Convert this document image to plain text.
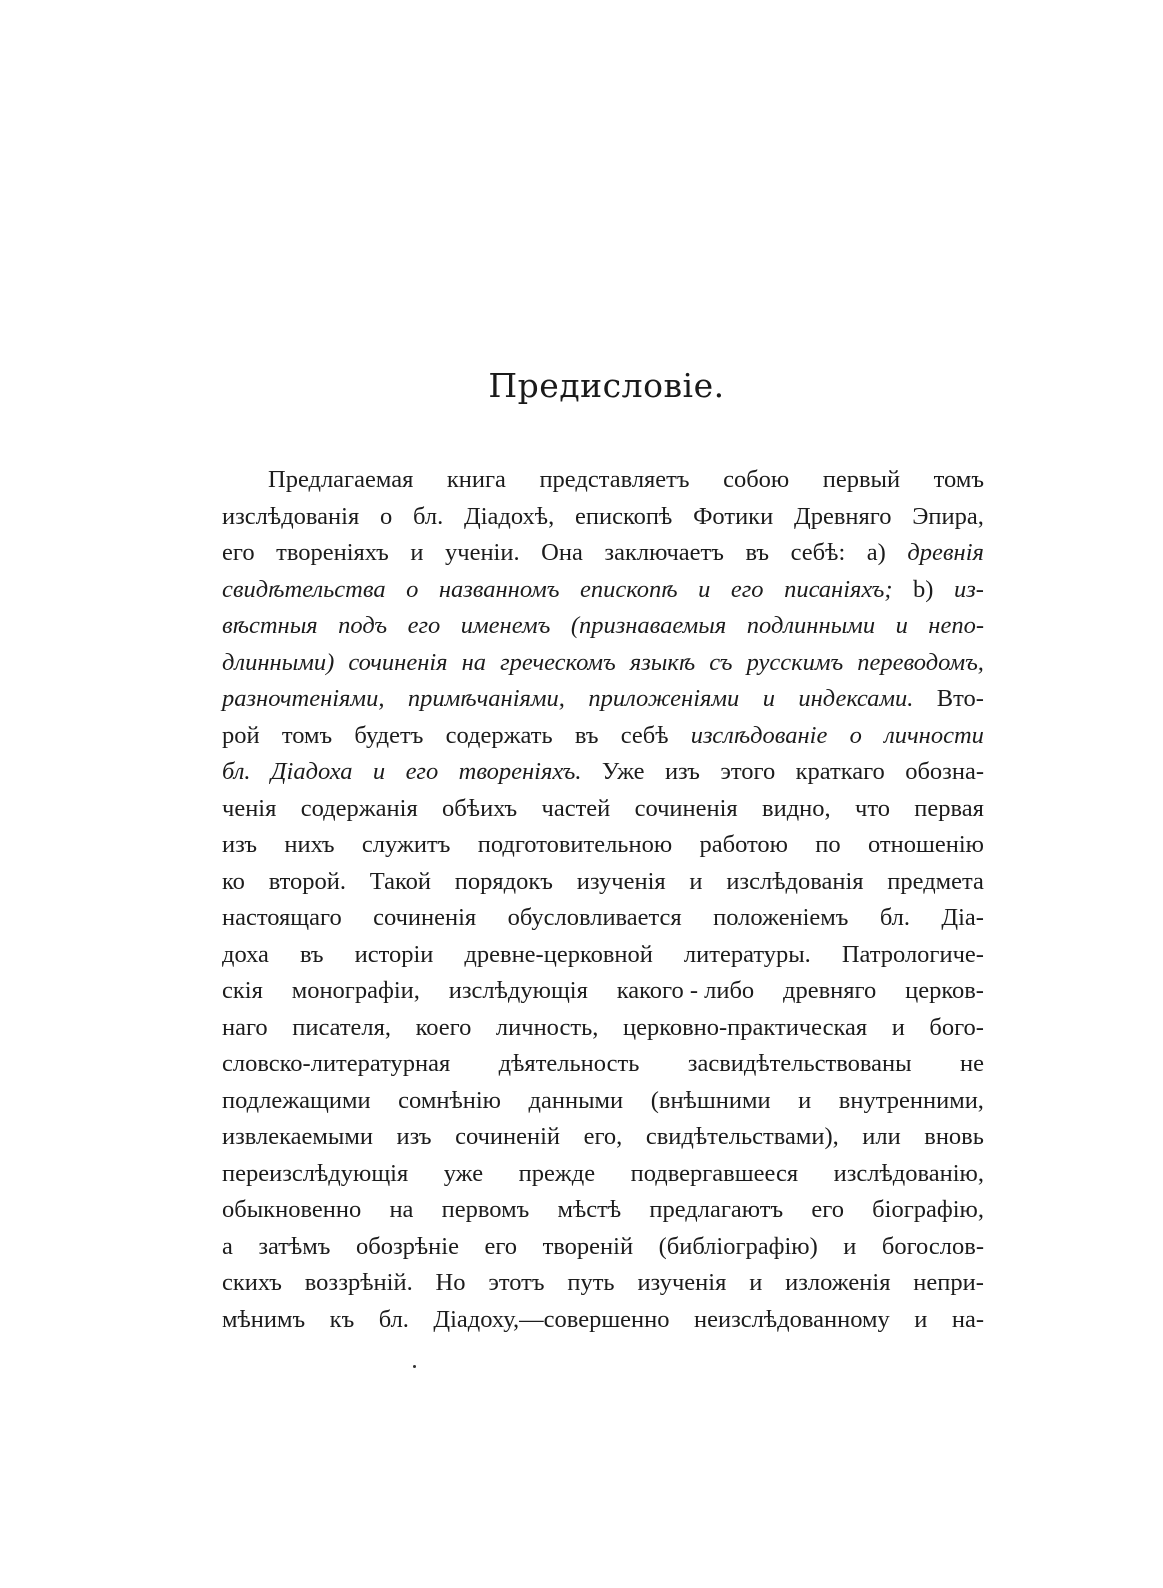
Предисловіе.
Предлагаемая книга представляетъ собою первый томъ
изслѣдованія о бл. Діадохѣ, епископѣ Фотики Древняго Эпира,
его твореніяхъ и ученіи. Она заключаетъ въ себѣ: a) древнія
свидѣтельства о названномъ епископѣ и его писаніяхъ; b) из-
вѣстныя подъ его именемъ (признаваемыя подлинными и непо-
длинными) сочиненія на греческомъ языкѣ съ русскимъ переводомъ,
разночтеніями, примѣчаніями, приложеніями и индексами. Вто-
рой томъ будетъ содержать въ себѣ изслѣдованіе о личности
бл. Діадоха и его твореніяхъ. Уже изъ этого краткаго обозна-
ченія содержанія обѣихъ частей сочиненія видно, что первая
изъ нихъ служитъ подготовительною работою по отношенію
ко второй. Такой порядокъ изученія и изслѣдованія предмета
настоящаго сочиненія обусловливается положеніемъ бл. Діа-
доха въ исторіи древне-церковной литературы. Патрологиче-
скія монографіи, изслѣдующія какого - либо древняго церков-
наго писателя, коего личность, церковно-практическая и бого-
словско-литературная дѣятельность засвидѣтельствованы не
подлежащими сомнѣнію данными (внѣшними и внутренними,
извлекаемыми изъ сочиненій его, свидѣтельствами), или вновь
переизслѣдующія уже прежде подвергавшееся изслѣдованію,
обыкновенно на первомъ мѣстѣ предлагаютъ его біографію,
а затѣмъ обозрѣніе его твореній (библіографію) и богослов-
скихъ воззрѣній. Но этотъ путь изученія и изложенія непри-
мѣнимъ къ бл. Діадоху,—совершенно неизслѣдованному и на-
